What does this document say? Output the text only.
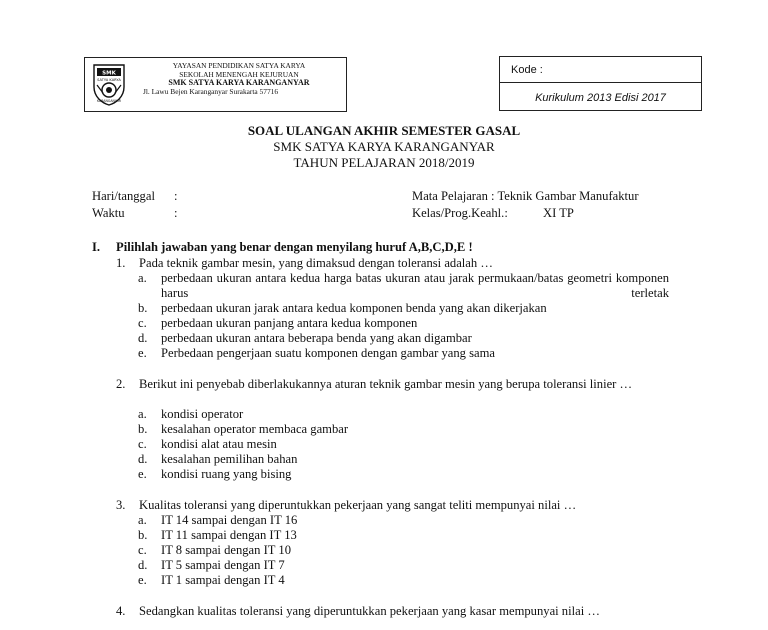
SMK
SATYA KARYA
KARANGANYAR
YAYASAN PENDIDIKAN SATYA KARYA
SEKOLAH MENENGAH KEJURUAN
SMK SATYA KARYA KARANGANYAR
Jl. Lawu Bejen Karanganyar Surakarta 57716
Kode :
Kurikulum 2013 Edisi 2017
SOAL ULANGAN AKHIR SEMESTER GASAL
SMK SATYA KARYA KARANGANYAR
TAHUN PELAJARAN 2018/2019
Hari/tanggal :
Waktu	:
Mata Pelajaran : Teknik Gambar Manufaktur
Kelas/Prog.Keahl.:	XI TP
I. Pilihlah jawaban yang benar dengan menyilang huruf A,B,C,D,E !
1. Pada teknik gambar mesin, yang dimaksud dengan toleransi adalah …
a. perbedaan ukuran antara kedua harga batas ukuran atau jarak permukaan/batas geometri komponen harus terletak
b. perbedaan ukuran jarak antara kedua komponen benda yang akan dikerjakan
c. perbedaan ukuran panjang antara kedua komponen
d. perbedaan ukuran antara beberapa benda yang akan digambar
e. Perbedaan pengerjaan suatu komponen dengan gambar yang sama
2. Berikut ini penyebab diberlakukannya aturan teknik gambar mesin yang berupa toleransi linier …
a. kondisi operator
b. kesalahan operator membaca gambar
c. kondisi alat atau mesin
d. kesalahan pemilihan bahan
e. kondisi ruang yang bising
3. Kualitas toleransi yang diperuntukkan pekerjaan yang sangat teliti mempunyai nilai …
a. IT 14 sampai dengan IT 16
b. IT 11 sampai dengan IT 13
c. IT 8 sampai dengan IT 10
d. IT 5 sampai dengan IT 7
e. IT 1 sampai dengan IT 4
4. Sedangkan kualitas toleransi yang diperuntukkan pekerjaan yang kasar mempunyai nilai …
